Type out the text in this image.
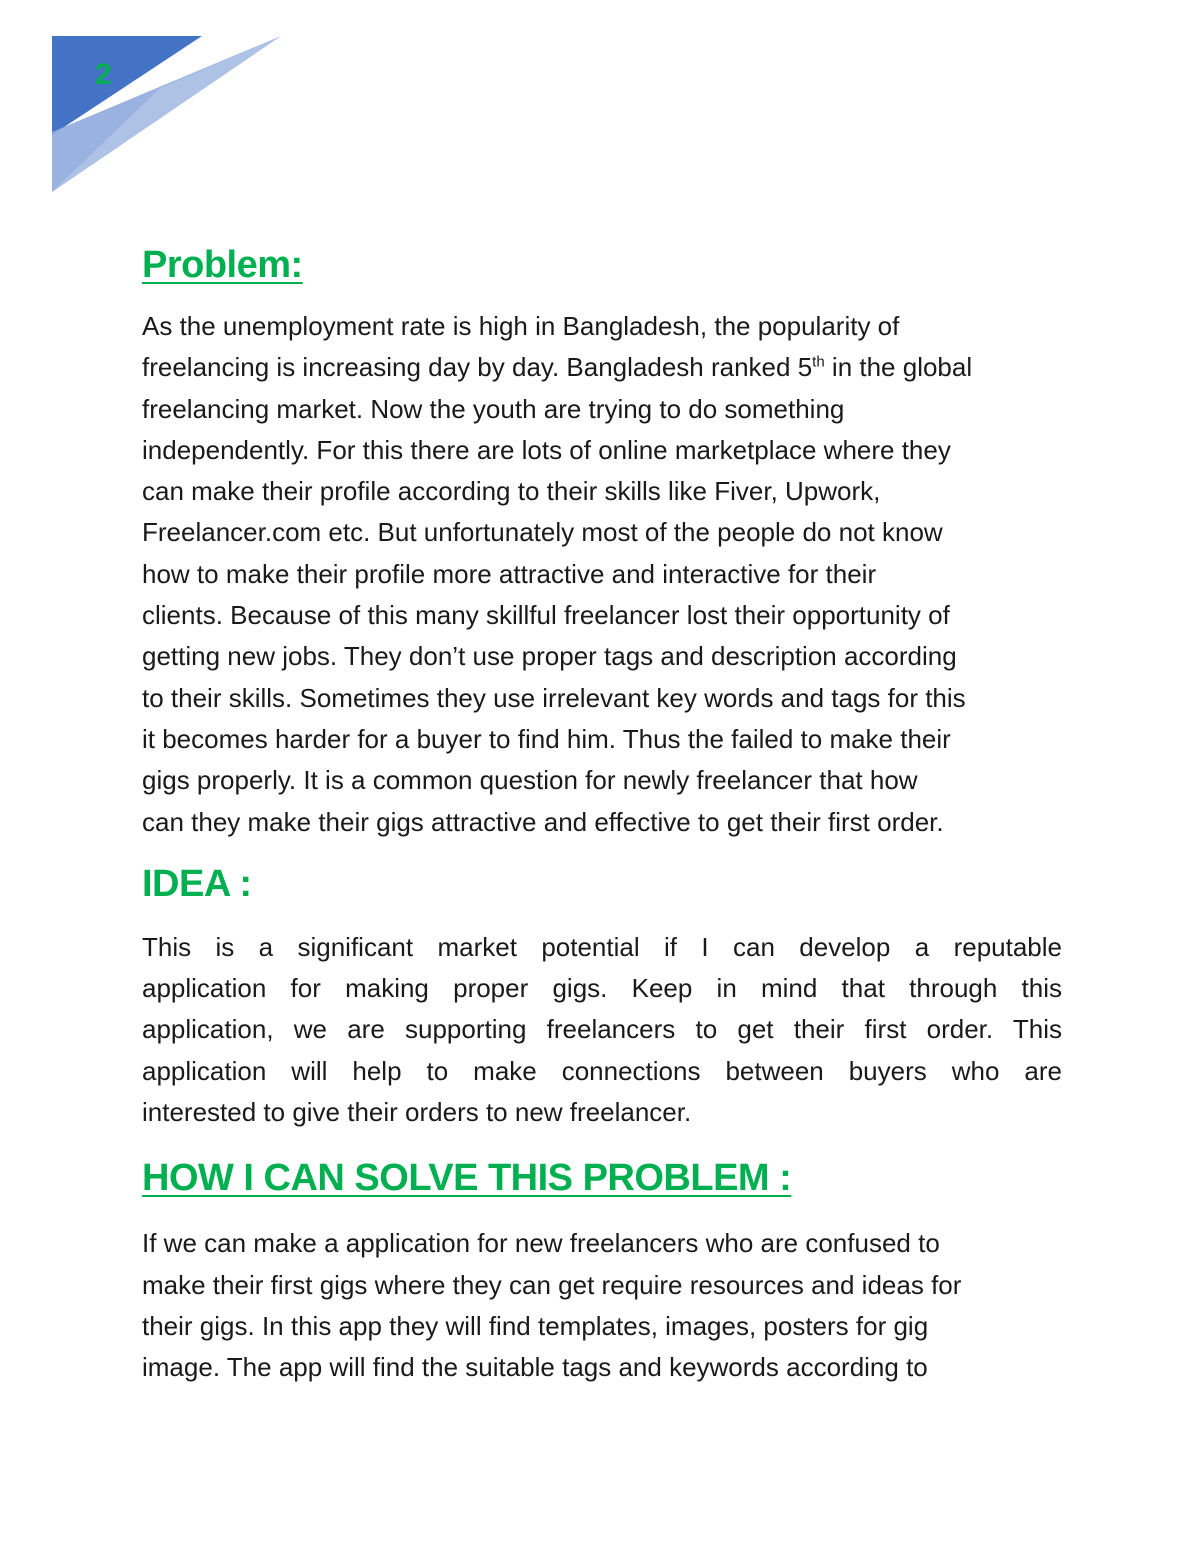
2
Problem:
As the unemployment rate is high in Bangladesh, the popularity of
freelancing is increasing day by day. Bangladesh ranked 5th in the global
freelancing market. Now the youth are trying to do something
independently. For this there are lots of online marketplace where they
can make their profile according to their skills like Fiver, Upwork,
Freelancer.com etc. But unfortunately most of the people do not know
how to make their profile more attractive and interactive for their
clients. Because of this many skillful freelancer lost their opportunity of
getting new jobs. They don’t use proper tags and description according
to their skills. Sometimes they use irrelevant key words and tags for this
it becomes harder for a buyer to find him. Thus the failed to make their
gigs properly. It is a common question for newly freelancer that how
can they make their gigs attractive and effective to get their first order.
IDEA :
This is a significant market potential if I can develop a reputable
application for making proper gigs. Keep in mind that through this
application, we are supporting freelancers to get their first order. This
application will help to make connections between buyers who are
interested to give their orders to new freelancer.
HOW I CAN SOLVE THIS PROBLEM :
If we can make a application for new freelancers who are confused to
make their first gigs where they can get require resources and ideas for
their gigs. In this app they will find templates, images, posters for gig
image. The app will find the suitable tags and keywords according to
